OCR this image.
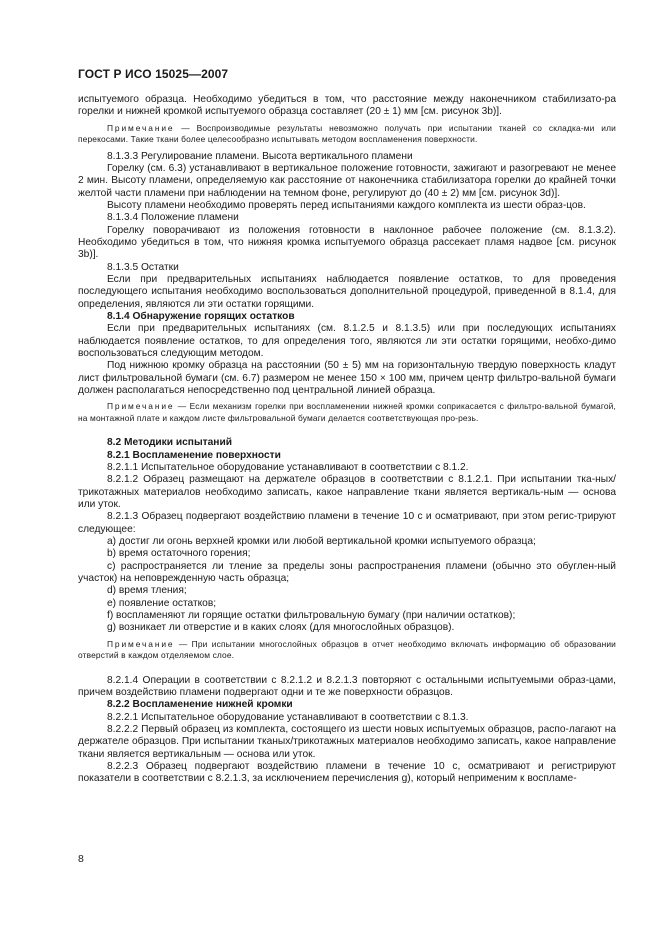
ГОСТ Р ИСО 15025—2007

испытуемого образца. Необходимо убедиться в том, что расстояние между наконечником стабилизато-ра горелки и нижней кромкой испытуемого образца составляет (20 ± 1) мм [см. рисунок 3b)].

Примечание — Воспроизводимые результаты невозможно получать при испытании тканей со складка-ми или перекосами. Такие ткани более целесообразно испытывать методом воспламенения поверхности.

8.1.3.3 Регулирование пламени. Высота вертикального пламени

Горелку (см. 6.3) устанавливают в вертикальное положение готовности, зажигают и разогревают не менее 2 мин. Высоту пламени, определяемую как расстояние от наконечника стабилизатора горелки до крайней точки желтой части пламени при наблюдении на темном фоне, регулируют до (40 ± 2) мм [см. рисунок 3d)].

Высоту пламени необходимо проверять перед испытаниями каждого комплекта из шести образ-цов.

8.1.3.4 Положение пламени

Горелку поворачивают из положения готовности в наклонное рабочее положение (см. 8.1.3.2). Необходимо убедиться в том, что нижняя кромка испытуемого образца рассекает пламя надвое [см. рисунок 3b)].

8.1.3.5 Остатки

Если при предварительных испытаниях наблюдается появление остатков, то для проведения последующего испытания необходимо воспользоваться дополнительной процедурой, приведенной в 8.1.4, для определения, являются ли эти остатки горящими.

8.1.4 Обнаружение горящих остатков

Если при предварительных испытаниях (см. 8.1.2.5 и 8.1.3.5) или при последующих испытаниях наблюдается появление остатков, то для определения того, являются ли эти остатки горящими, необхо-димо воспользоваться следующим методом.

Под нижнюю кромку образца на расстоянии (50 ± 5) мм на горизонтальную твердую поверхность кладут лист фильтровальной бумаги (см. 6.7) размером не менее 150 × 100 мм, причем центр фильтро-вальной бумаги должен располагаться непосредственно под центральной линией образца.

Примечание — Если механизм горелки при воспламенении нижней кромки соприкасается с фильтро-вальной бумагой, на монтажной плате и каждом листе фильтровальной бумаги делается соответствующая про-резь.

8.2 Методики испытаний

8.2.1 Воспламенение поверхности

8.2.1.1 Испытательное оборудование устанавливают в соответствии с 8.1.2.

8.2.1.2 Образец размещают на держателе образцов в соответствии с 8.1.2.1. При испытании тка-ных/трикотажных материалов необходимо записать, какое направление ткани является вертикаль-ным — основа или уток.

8.2.1.3 Образец подвергают воздействию пламени в течение 10 с и осматривают, при этом регис-трируют следующее:

a) достиг ли огонь верхней кромки или любой вертикальной кромки испытуемого образца;

b) время остаточного горения;

c) распространяется ли тление за пределы зоны распространения пламени (обычно это обуглен-ный участок) на неповрежденную часть образца;

d) время тления;

e) появление остатков;

f) воспламеняют ли горящие остатки фильтровальную бумагу (при наличии остатков);

g) возникает ли отверстие и в каких слоях (для многослойных образцов).

Примечание — При испытании многослойных образцов в отчет необходимо включать информацию об образовании отверстий в каждом отделяемом слое.

8.2.1.4 Операции в соответствии с 8.2.1.2 и 8.2.1.3 повторяют с остальными испытуемыми образ-цами, причем воздействию пламени подвергают одни и те же поверхности образцов.

8.2.2 Воспламенение нижней кромки

8.2.2.1 Испытательное оборудование устанавливают в соответствии с 8.1.3.

8.2.2.2 Первый образец из комплекта, состоящего из шести новых испытуемых образцов, распо-лагают на держателе образцов. При испытании тканых/трикотажных материалов необходимо записать, какое направление ткани является вертикальным — основа или уток.

8.2.2.3 Образец подвергают воздействию пламени в течение 10 с, осматривают и регистрируют показатели в соответствии с 8.2.1.3, за исключением перечисления g), который неприменим к воспламе-

8
